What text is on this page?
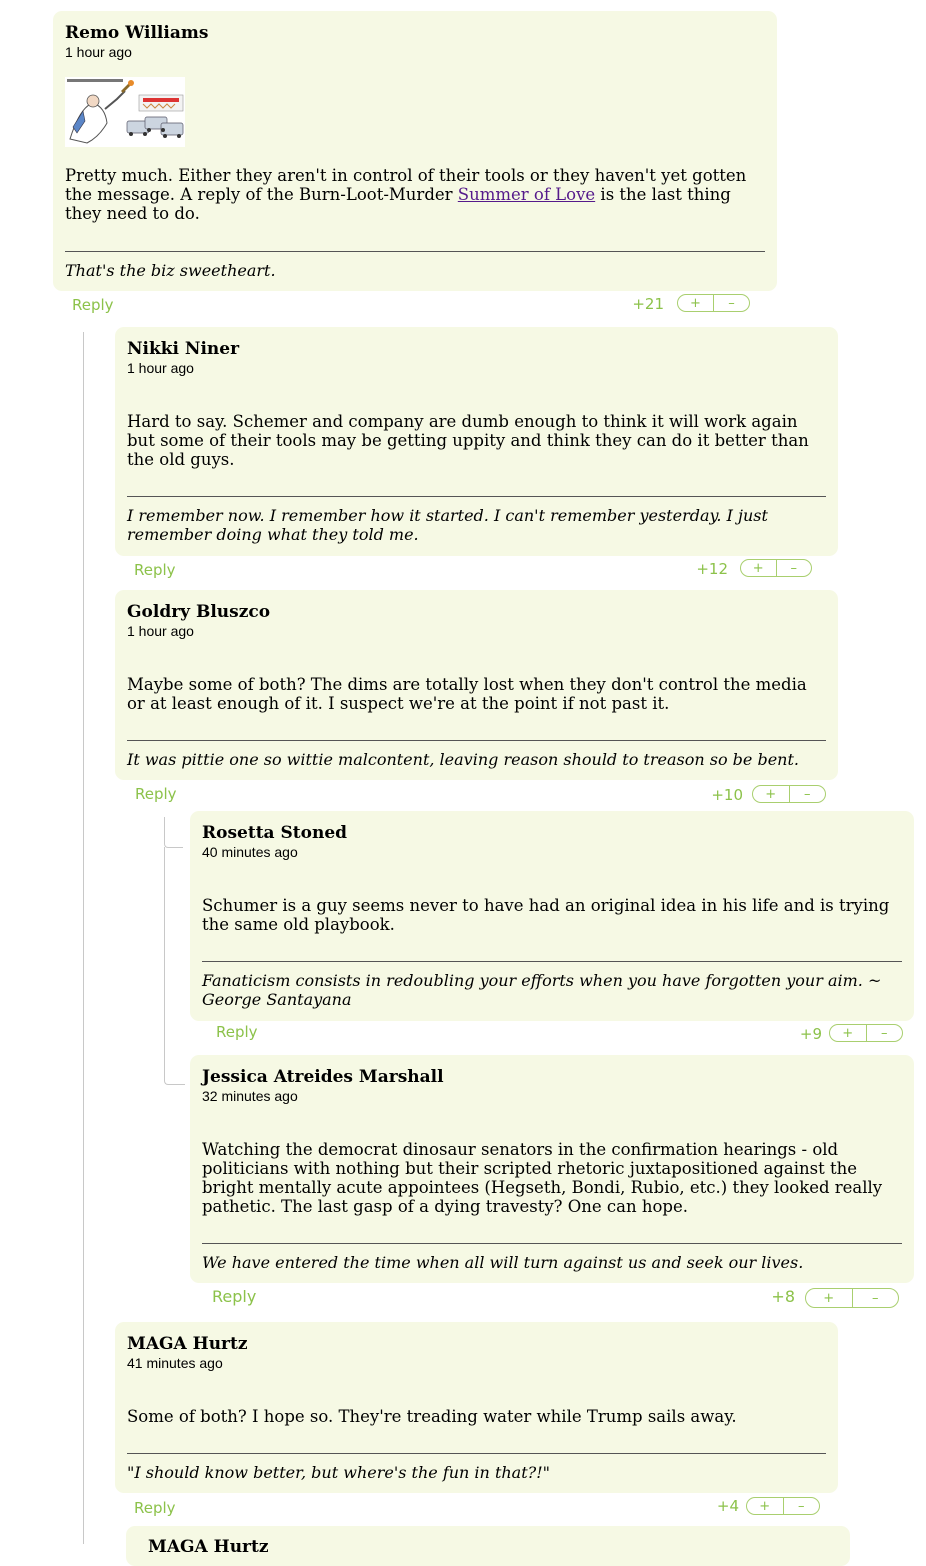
Remo Williams
1 hour ago
Pretty much. Either they aren't in control of their tools or they haven't yet gotten the message. A reply of the Burn-Loot-Murder Summer of Love is the last thing they need to do.
That's the biz sweetheart.
Reply	+21	+	–
Nikki Niner
1 hour ago
Hard to say. Schemer and company are dumb enough to think it will work again but some of their tools may be getting uppity and think they can do it better than the old guys.
I remember now. I remember how it started. I can't remember yesterday. I just remember doing what they told me.
Reply	+12	+	–
Goldry Bluszco
1 hour ago
Maybe some of both? The dims are totally lost when they don't control the media or at least enough of it. I suspect we're at the point if not past it.
It was pittie one so wittie malcontent, leaving reason should to treason so be bent.
Reply	+10	+	–
Rosetta Stoned
40 minutes ago
Schumer is a guy seems never to have had an original idea in his life and is trying the same old playbook.
Fanaticism consists in redoubling your efforts when you have forgotten your aim. ~ George Santayana
Reply	+9	+	–
Jessica Atreides Marshall
32 minutes ago
Watching the democrat dinosaur senators in the confirmation hearings - old politicians with nothing but their scripted rhetoric juxtapositioned against the bright mentally acute appointees (Hegseth, Bondi, Rubio, etc.) they looked really pathetic. The last gasp of a dying travesty? One can hope.
We have entered the time when all will turn against us and seek our lives.
Reply	+8	+	–
MAGA Hurtz
41 minutes ago
Some of both? I hope so. They're treading water while Trump sails away.
"I should know better, but where's the fun in that?!"
Reply	+4	+	–
MAGA Hurtz
